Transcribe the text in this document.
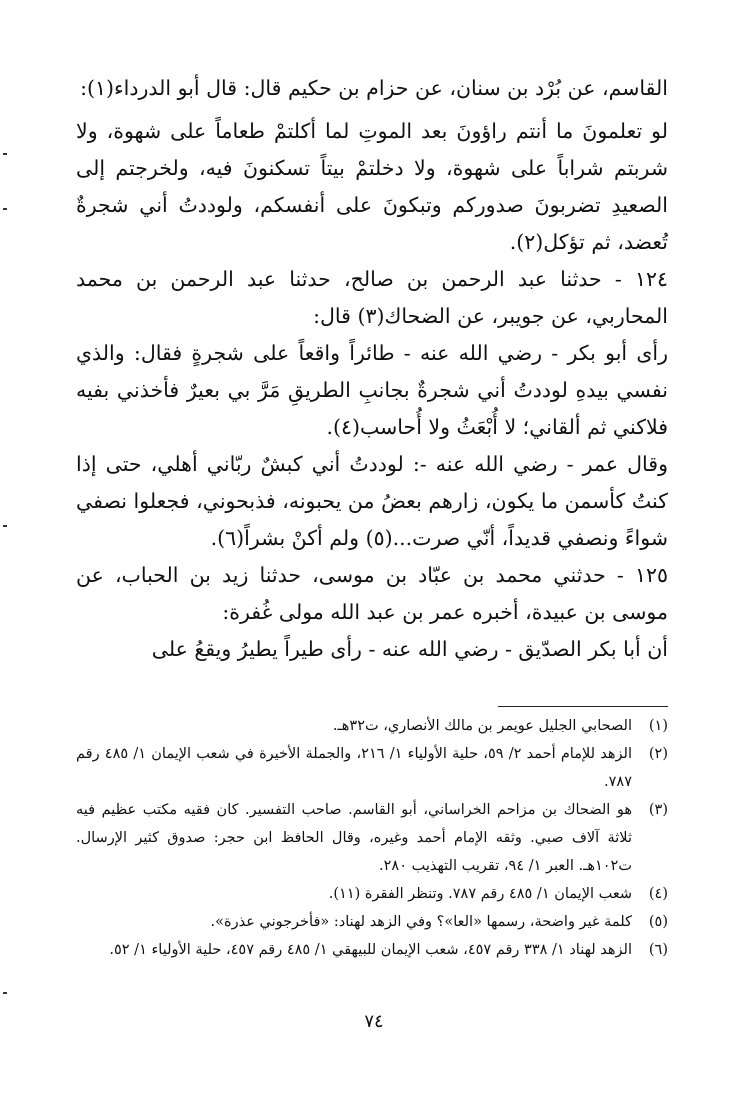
القاسم، عن بُرْد بن سنان، عن حزام بن حكيم قال: قال أبو الدرداء(١):

لو تعلمونَ ما أنتم راؤونَ بعد الموتِ لما أكلتمْ طعاماً على شهوة، ولا شربتم شراباً على شهوة، ولا دخلتمْ بيتاً تسكنونَ فيه، ولخرجتم إلى الصعيدِ تضربونَ صدوركم وتبكونَ على أنفسكم، ولوددتُ أني شجرةٌ تُعضد، ثم تؤكل(٢).

١٢٤ - حدثنا عبد الرحمن بن صالح، حدثنا عبد الرحمن بن محمد المحاربي، عن جويبر، عن الضحاك(٣) قال:

رأى أبو بكر - رضي الله عنه - طائراً واقعاً على شجرةٍ فقال: والذي نفسي بيدهِ لوددتُ أني شجرةٌ بجانبِ الطريقِ مَرَّ بي بعيرٌ فأخذني بفيه فلاكني ثم ألقاني؛ لا أُبْعَثُ ولا أُحاسب(٤).

وقال عمر - رضي الله عنه -: لوددتُ أني كبشٌ ربّاني أهلي، حتى إذا كنتُ كأسمن ما يكون، زارهم بعضُ من يحبونه، فذبحوني، فجعلوا نصفي شواءً ونصفي قديداً، أنّي صرت...(٥) ولم أكنْ بشراً(٦).

١٢٥ - حدثني محمد بن عبّاد بن موسى، حدثنا زيد بن الحباب، عن موسى بن عبيدة، أخبره عمر بن عبد الله مولى غُفرة:

أن أبا بكر الصدّيق - رضي الله عنه - رأى طيراً يطيرُ ويقعُ على

(١)
الصحابي الجليل عويمر بن مالك الأنصاري، ت٣٢هـ.
(٢)
الزهد للإمام أحمد ٢/ ٥٩، حلية الأولياء ١/ ٢١٦، والجملة الأخيرة في شعب الإيمان ١/ ٤٨٥ رقم ٧٨٧.
(٣)
هو الضحاك بن مزاحم الخراساني، أبو القاسم. صاحب التفسير. كان فقيه مكتب عظيم فيه ثلاثة آلاف صبي. وثقه الإمام أحمد وغيره، وقال الحافظ ابن حجر: صدوق كثير الإرسال. ت١٠٢هـ. العبر ١/ ٩٤، تقريب التهذيب ٢٨٠.
(٤)
شعب الإيمان ١/ ٤٨٥ رقم ٧٨٧. وتنظر الفقرة (١١).
(٥)
كلمة غير واضحة، رسمها «العا»؟ وفي الزهد لهناد: «فأخرجوني عذرة».
(٦)
الزهد لهناد ١/ ٣٣٨ رقم ٤٥٧، شعب الإيمان للبيهقي ١/ ٤٨٥ رقم ٤٥٧، حلية الأولياء ١/ ٥٢.
٧٤
